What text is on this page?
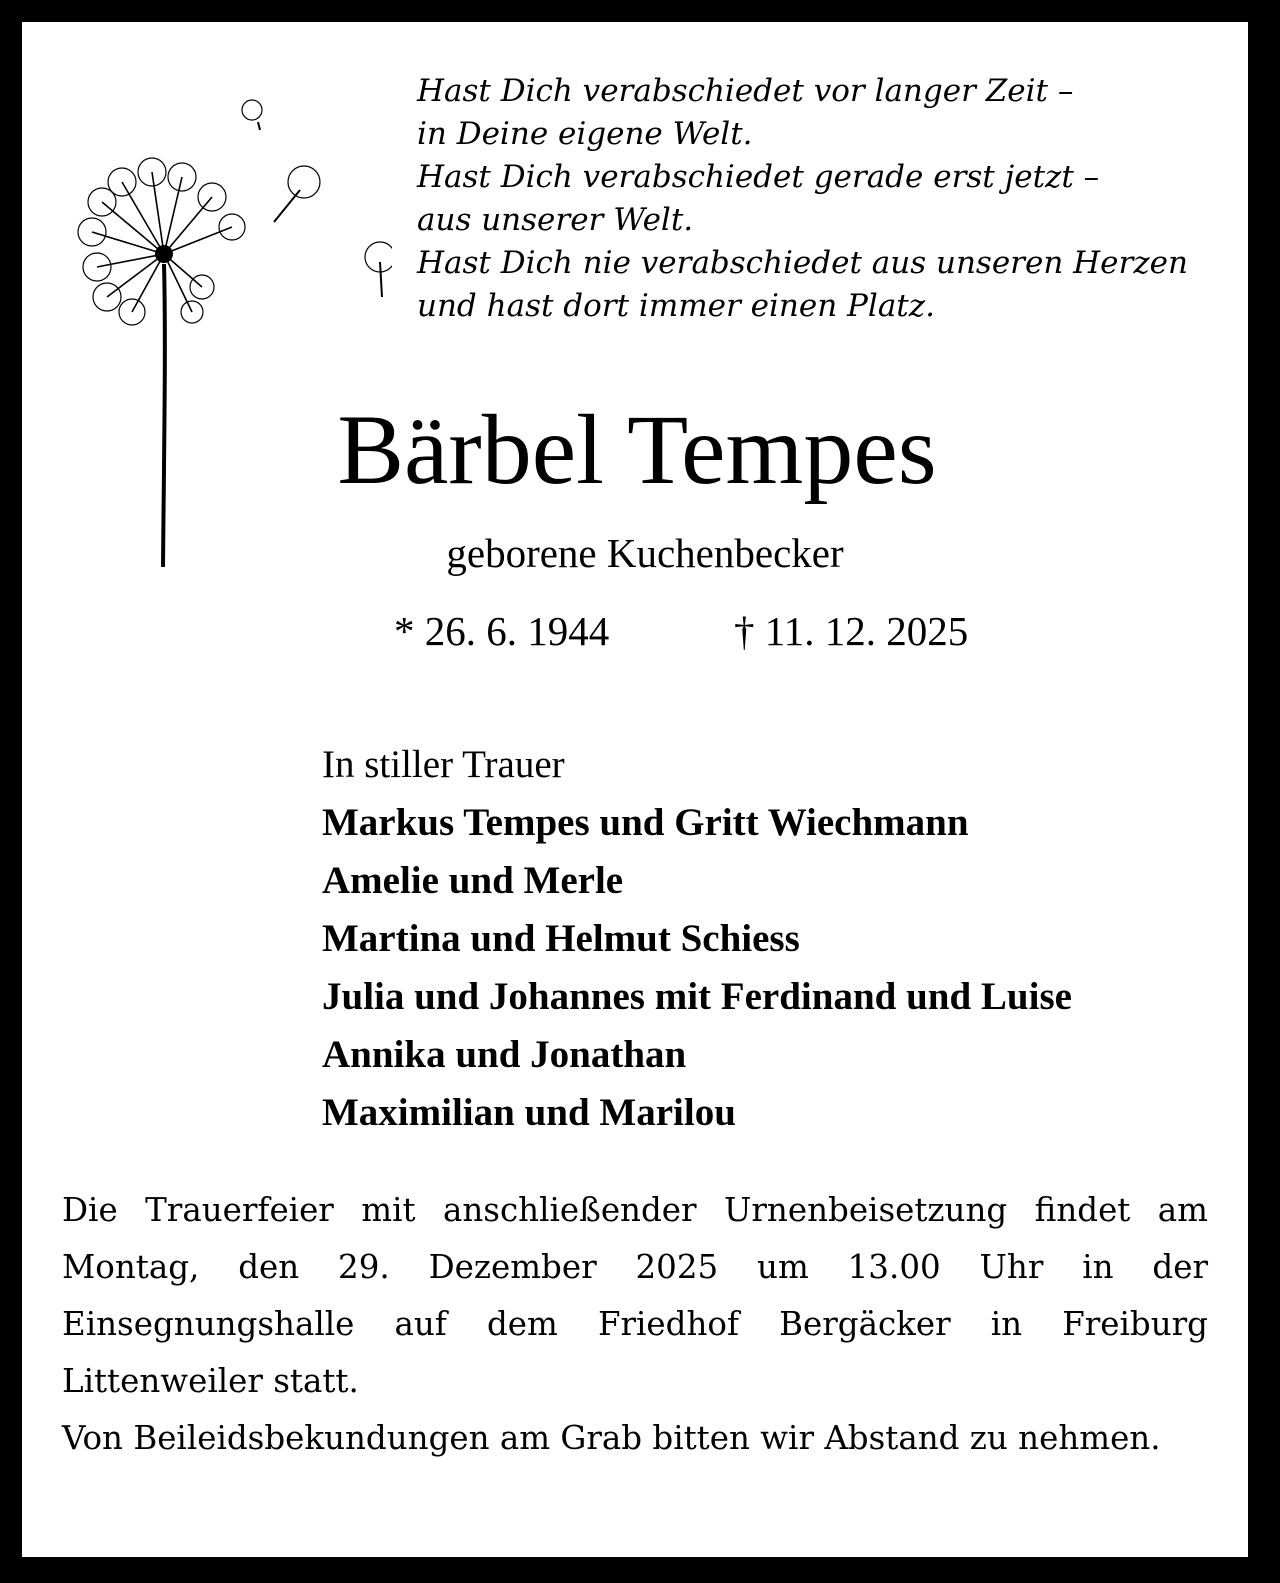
Hast Dich verabschiedet vor langer Zeit –
in Deine eigene Welt.
Hast Dich verabschiedet gerade erst jetzt –
aus unserer Welt.
Hast Dich nie verabschiedet aus unseren Herzen
und hast dort immer einen Platz.
Bärbel Tempes
geborene Kuchenbecker
* 26. 6. 1944	† 11. 12. 2025
In stiller Trauer
Markus Tempes und Gritt Wiechmann
Amelie und Merle
Martina und Helmut Schiess
Julia und Johannes mit Ferdinand und Luise
Annika und Jonathan
Maximilian und Marilou

Die Trauerfeier mit anschließender Urnenbeisetzung findet am Montag, den 29. Dezember 2025 um 13.00 Uhr in der Einsegnungshalle auf dem Friedhof Bergäcker in Freiburg Littenweiler statt.

Von Beileidsbekundungen am Grab bitten wir Abstand zu nehmen.
